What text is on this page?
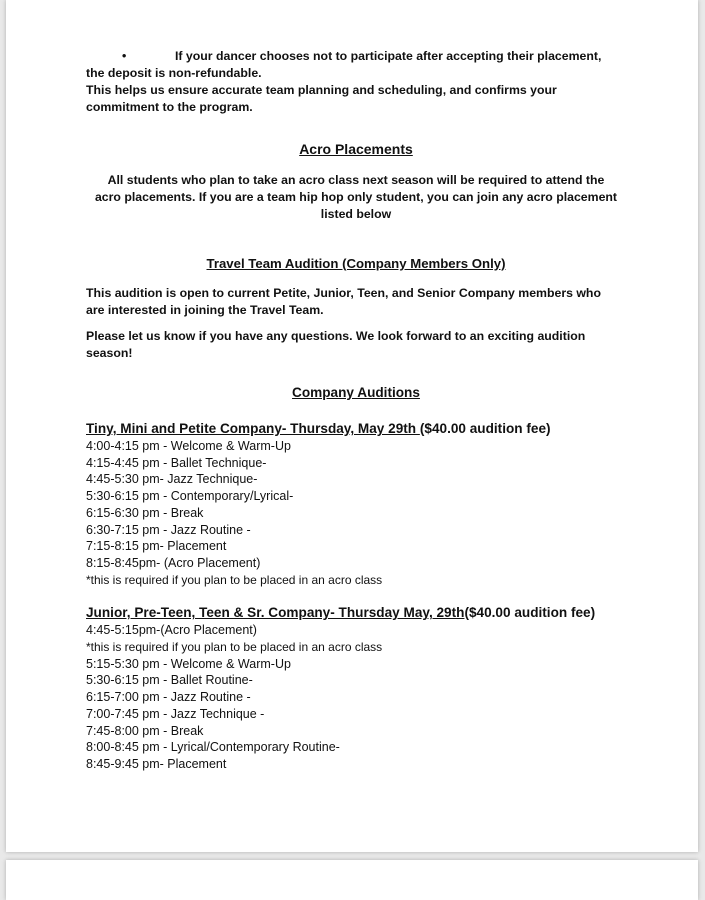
•	If your dancer chooses not to participate after accepting their placement,

the deposit is non-refundable.

This helps us ensure accurate team planning and scheduling, and confirms your

commitment to the program.

Acro Placements

All students who plan to take an acro class next season will be required to attend the

acro placements. If you are a team hip hop only student, you can join any acro placement

listed below

Travel Team Audition (Company Members Only)

This audition is open to current Petite, Junior, Teen, and Senior Company members who

are interested in joining the Travel Team.

Please let us know if you have any questions. We look forward to an exciting audition

season!

Company Auditions
Tiny, Mini and Petite Company- Thursday, May 29th ($40.00 audition fee)
4:00-4:15 pm - Welcome & Warm-Up
4:15-4:45 pm - Ballet Technique-
4:45-5:30 pm- Jazz Technique-
5:30-6:15 pm - Contemporary/Lyrical-
6:15-6:30 pm - Break
6:30-7:15 pm - Jazz Routine -
7:15-8:15 pm- Placement
8:15-8:45pm- (Acro Placement)
*this is required if you plan to be placed in an acro class
Junior, Pre-Teen, Teen & Sr. Company- Thursday May, 29th($40.00 audition fee)
4:45-5:15pm-(Acro Placement)
*this is required if you plan to be placed in an acro class
5:15-5:30 pm - Welcome & Warm-Up
5:30-6:15 pm - Ballet Routine-
6:15-7:00 pm - Jazz Routine -
7:00-7:45 pm - Jazz Technique -
7:45-8:00 pm - Break
8:00-8:45 pm - Lyrical/Contemporary Routine-
8:45-9:45 pm- Placement
